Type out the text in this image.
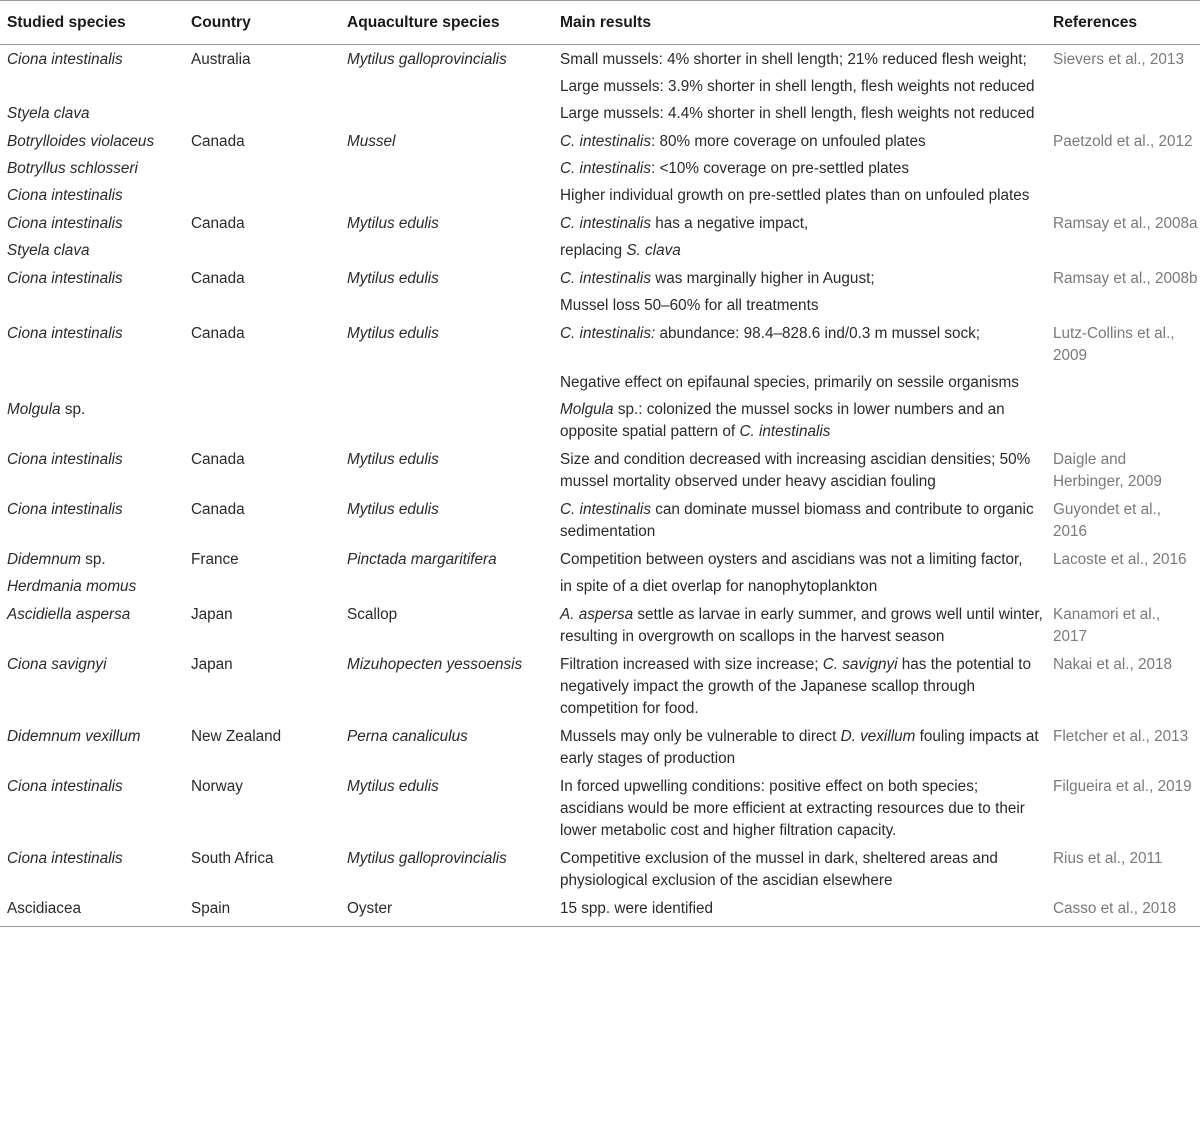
Studied species	Country	Aquaculture species	Main results	References
Ciona intestinalis	Australia	Mytilus galloprovincialis	Small mussels: 4% shorter in shell length; 21% reduced flesh weight;	Sievers et al., 2013
			Large mussels: 3.9% shorter in shell length, flesh weights not reduced	
Styela clava			Large mussels: 4.4% shorter in shell length, flesh weights not reduced	
Botrylloides violaceus	Canada	Mussel	C. intestinalis: 80% more coverage on unfouled plates	Paetzold et al., 2012
Botryllus schlosseri			C. intestinalis: <10% coverage on pre-settled plates	
Ciona intestinalis			Higher individual growth on pre-settled plates than on unfouled plates	
Ciona intestinalis	Canada	Mytilus edulis	C. intestinalis has a negative impact,	Ramsay et al., 2008a
Styela clava			replacing S. clava	
Ciona intestinalis	Canada	Mytilus edulis	C. intestinalis was marginally higher in August;	Ramsay et al., 2008b
			Mussel loss 50–60% for all treatments	
Ciona intestinalis	Canada	Mytilus edulis	C. intestinalis: abundance: 98.4–828.6 ind/0.3 m mussel sock;	Lutz-Collins et al., 2009
			Negative effect on epifaunal species, primarily on sessile organisms	
Molgula sp.			Molgula sp.: colonized the mussel socks in lower numbers and an opposite spatial pattern of C. intestinalis	
Ciona intestinalis	Canada	Mytilus edulis	Size and condition decreased with increasing ascidian densities; 50% mussel mortality observed under heavy ascidian fouling	Daigle and Herbinger, 2009
Ciona intestinalis	Canada	Mytilus edulis	C. intestinalis can dominate mussel biomass and contribute to organic sedimentation	Guyondet et al., 2016
Didemnum sp.	France	Pinctada margaritifera	Competition between oysters and ascidians was not a limiting factor,	Lacoste et al., 2016
Herdmania momus			in spite of a diet overlap for nanophytoplankton	
Ascidiella aspersa	Japan	Scallop	A. aspersa settle as larvae in early summer, and grows well until winter, resulting in overgrowth on scallops in the harvest season	Kanamori et al., 2017
Ciona savignyi	Japan	Mizuhopecten yessoensis	Filtration increased with size increase; C. savignyi has the potential to negatively impact the growth of the Japanese scallop through competition for food.	Nakai et al., 2018
Didemnum vexillum	New Zealand	Perna canaliculus	Mussels may only be vulnerable to direct D. vexillum fouling impacts at early stages of production	Fletcher et al., 2013
Ciona intestinalis	Norway	Mytilus edulis	In forced upwelling conditions: positive effect on both species; ascidians would be more efficient at extracting resources due to their lower metabolic cost and higher filtration capacity.	Filgueira et al., 2019
Ciona intestinalis	South Africa	Mytilus galloprovincialis	Competitive exclusion of the mussel in dark, sheltered areas and physiological exclusion of the ascidian elsewhere	Rius et al., 2011
Ascidiacea	Spain	Oyster	15 spp. were identified	Casso et al., 2018
